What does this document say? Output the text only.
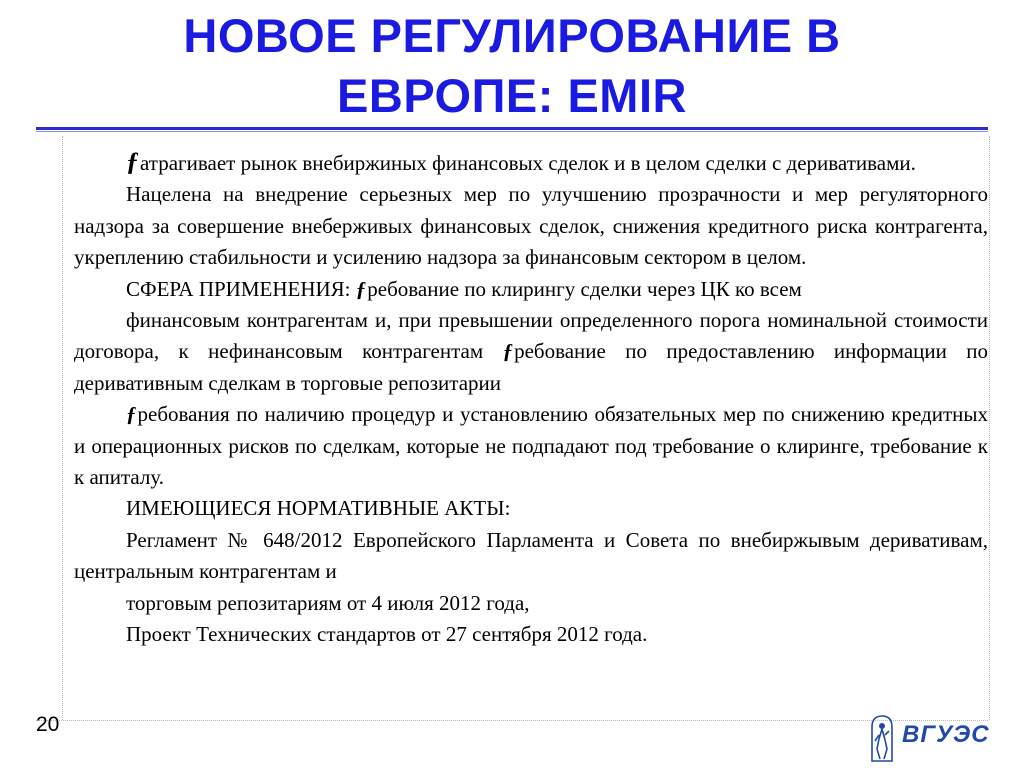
НОВОЕ РЕГУЛИРОВАНИЕ В
ЕВРОПЕ: EMIR

ƒатрагивает рынок внебиржиных финансовых сделок и в целом сделки с деривативами.

Нацелена на внедрение серьезных мер по улучшению прозрачности и мер регуляторного надзора за совершение внеберживых финансовых сделок, снижения кредитного риска контрагента, укреплению стабильности и усилению надзора за финансовым сектором в целом.

СФЕРА ПРИМЕНЕНИЯ: ƒребование по клирингу сделки через ЦК ко всем

финансовым контрагентам и, при превышении определенного порога номинальной стоимости договора, к нефинансовым контрагентам ƒребование по предоставлению информации по деривативным сделкам в торговые репозитарии

ƒребования по наличию процедур и установлению обязательных мер по снижению кредитных и операционных рисков по сделкам, которые не подпадают под требование о клиринге, требование к к апиталу.

ИМЕЮЩИЕСЯ НОРМАТИВНЫЕ АКТЫ:

Регламент № 648/2012 Европейского Парламента и Совета по внебиржывым деривативам, центральным контрагентам и

торговым репозитариям от 4 июля 2012 года,

Проект Технических стандартов от 27 сентября 2012 года.

20	ВГУЭС
